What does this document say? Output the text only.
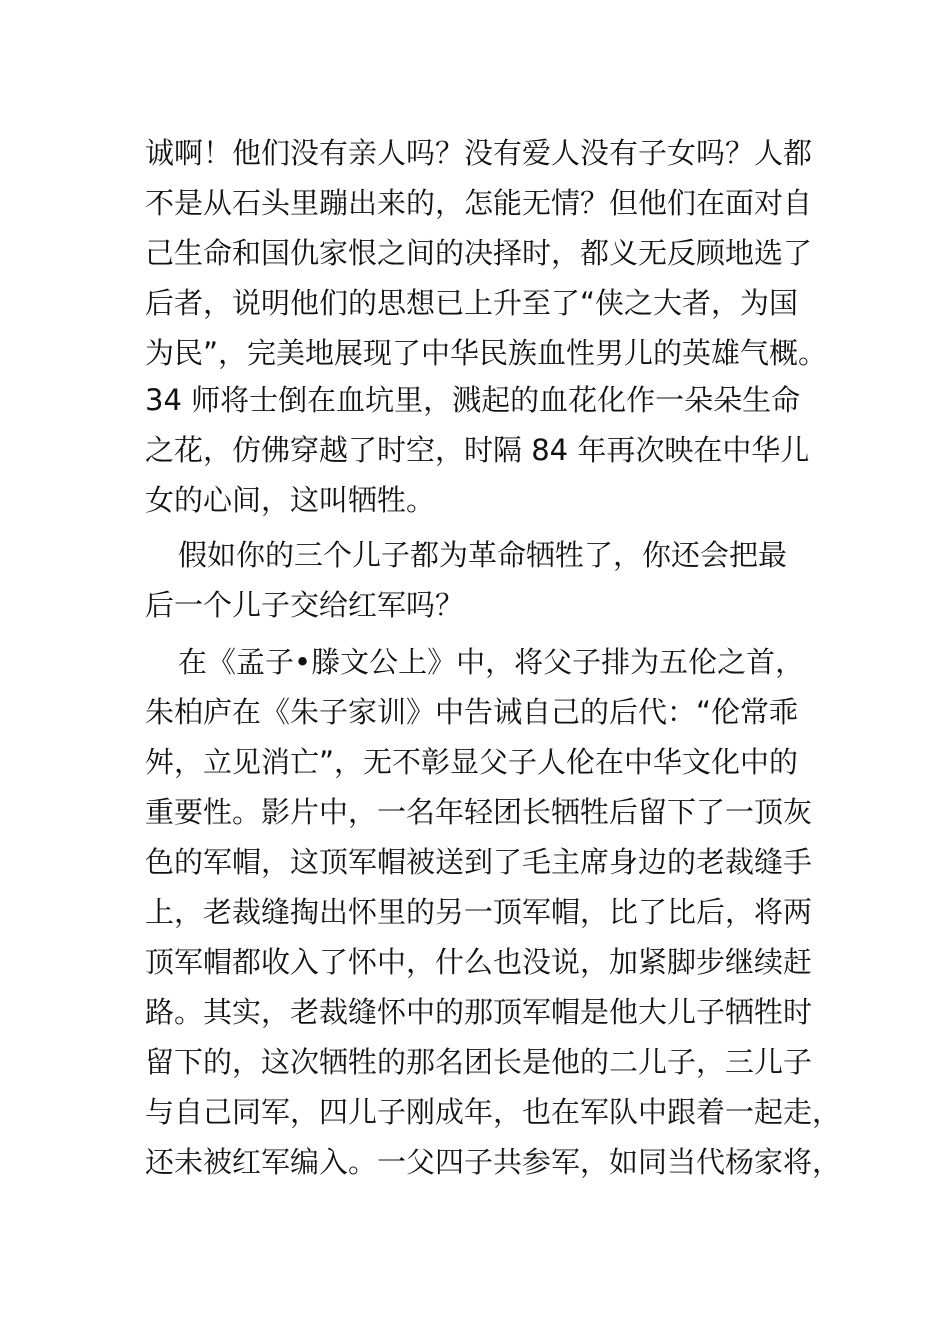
诚啊！他们没有亲人吗？没有爱人没有子女吗？人都
不是从石头里蹦出来的，怎能无情？但他们在面对自
己生命和国仇家恨之间的决择时，都义无反顾地选了
后者，说明他们的思想已上升至了“侠之大者，为国
为民”，完美地展现了中华民族血性男儿的英雄气概。
34 师将士倒在血坑里，溅起的血花化作一朵朵生命
之花，仿佛穿越了时空，时隔 84 年再次映在中华儿
女的心间，这叫牺牲。
假如你的三个儿子都为革命牺牲了，你还会把最
后一个儿子交给红军吗？
在《孟子•滕文公上》中，将父子排为五伦之首，
朱柏庐在《朱子家训》中告诫自己的后代：“伦常乖
舛，立见消亡”，无不彰显父子人伦在中华文化中的
重要性。影片中，一名年轻团长牺牲后留下了一顶灰
色的军帽，这顶军帽被送到了毛主席身边的老裁缝手
上，老裁缝掏出怀里的另一顶军帽，比了比后，将两
顶军帽都收入了怀中，什么也没说，加紧脚步继续赶
路。其实，老裁缝怀中的那顶军帽是他大儿子牺牲时
留下的，这次牺牲的那名团长是他的二儿子，三儿子
与自己同军，四儿子刚成年，也在军队中跟着一起走，
还未被红军编入。一父四子共参军，如同当代杨家将，
